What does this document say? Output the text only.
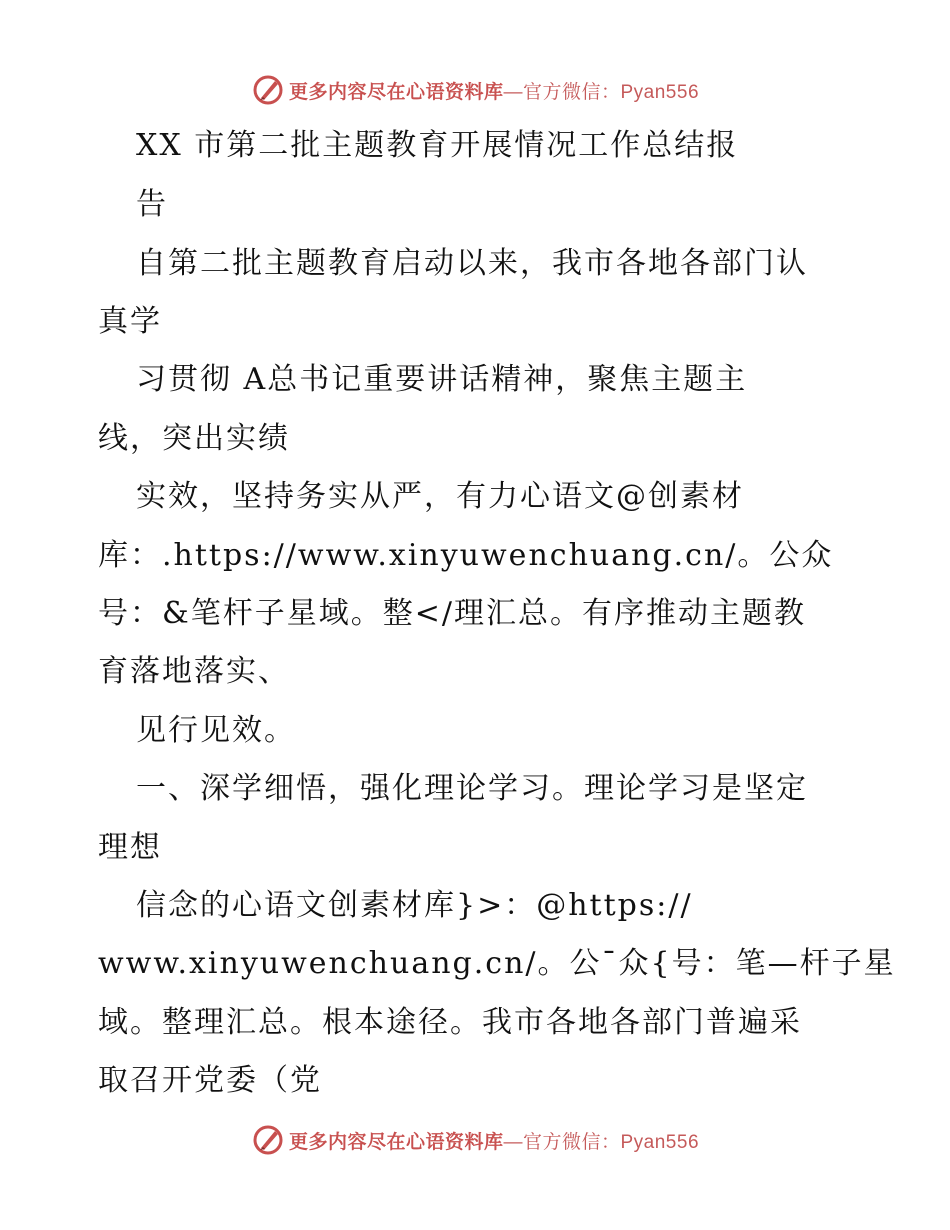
更多内容尽在心语资料库 —官方微信：Pyan556
XX 市第二批主题教育开展情况工作总结报
告
自第二批主题教育启动以来，我市各地各部门认
真学
习贯彻 A总书记重要讲话精神，聚焦主题主
线，突出实绩
实效，坚持务实从严，有力心语文@创素材
库：.https://www.xinyuwenchuang.cn/。公众
号：&笔杆子星域。整</理汇总。有序推动主题教
育落地落实、
见行见效。
一、深学细悟，强化理论学习。理论学习是坚定
理想
信念的心语文创素材库}>：@https://
www.xinyuwenchuang.cn/。公¯众{号：笔—杆子星
域。整理汇总。根本途径。我市各地各部门普遍采
取召开党委（党
更多内容尽在心语资料库 —官方微信：Pyan556
